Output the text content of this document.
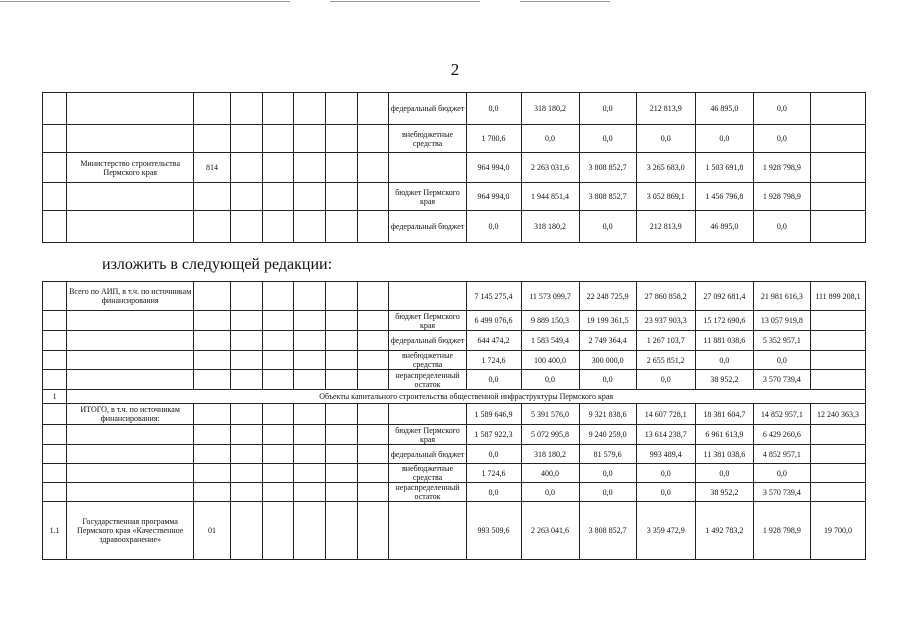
2
								федеральный бюджет	0,0	318 180,2	0,0	212 813,9	46 895,0	0,0	
								внебюджетные средства	1 700,6	0,0	0,0	0,0	0,0	0,0	
	Министерство строительства Пермского края	814							964 994,0	2 263 031,6	3 808 852,7	3 265 683,0	1 503 691,8	1 928 798,9	
								бюджет Пермского края	964 994,0	1 944 851,4	3 808 852,7	3 052 869,1	1 456 796,8	1 928 798,9	
								федеральный бюджет	0,0	318 180,2	0,0	212 813,9	46 895,0	0,0	
изложить в следующей редакции:
	Всего по АИП, в т.ч. по источникам финансирования								7 145 275,4	11 573 099,7	22 248 725,9	27 860 858,2	27 092 681,4	21 981 616,3	111 899 208,1
								бюджет Пермского края	6 499 076,6	9 889 150,3	19 199 361,5	23 937 903,3	15 172 690,6	13 057 919,8	
								федеральный бюджет	644 474,2	1 583 549,4	2 749 364,4	1 267 103,7	11 881 038,6	5 352 957,1	
								внебюджетные средства	1 724,6	100 400,0	300 000,0	2 655 851,2	0,0	0,0	
								нераспределенный остаток	0,0	0,0	0,0	0,0	38 952,2	3 570 739,4	
1	Объекты капитального строительства общественной инфраструктуры Пермского края														
	ИТОГО, в т.ч. по источникам финансирования:								1 589 646,9	5 391 576,0	9 321 838,6	14 607 728,1	18 381 604,7	14 852 957,1	12 240 363,3
								бюджет Пермского края	1 587 922,3	5 072 995,8	9 240 259,0	13 614 238,7	6 961 613,9	6 429 260,6	
								федеральный бюджет	0,0	318 180,2	81 579,6	993 489,4	11 381 038,6	4 852 957,1	
								внебюджетные средства	1 724,6	400,0	0,0	0,0	0,0	0,0	
								нераспределенный остаток	0,0	0,0	0,0	0,0	38 952,2	3 570 739,4	
1.1	Государственная программа Пермского края «Качественное здравоохранение»	01							993 509,6	2 263 041,6	3 808 852,7	3 359 472,9	1 492 783,2	1 928 798,9	19 700,0
